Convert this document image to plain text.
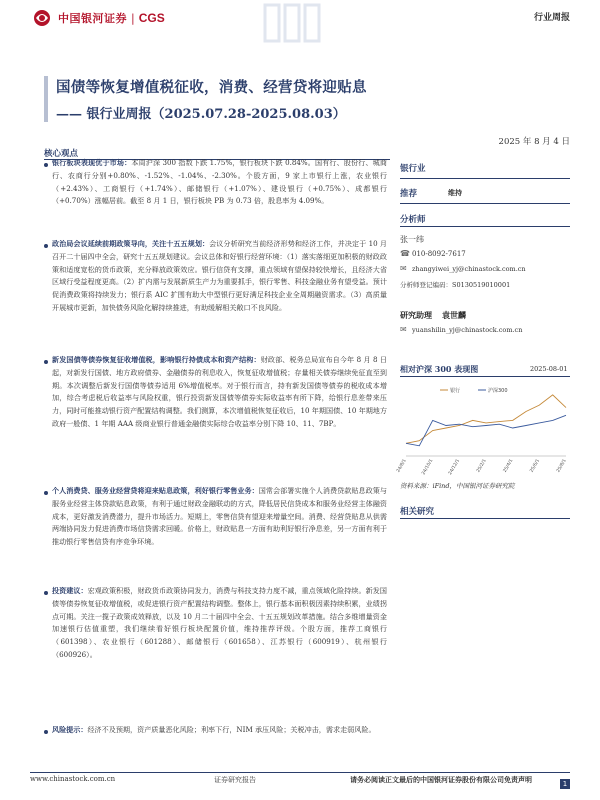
中国银河证券 | CGS	行业周报
国债等恢复增值税征收，消费、经营贷将迎贴息
—— 银行业周报（2025.07.28-2025.08.03）
2025 年 8 月 4 日
核心观点
银行板块表现优于市场：本周沪深 300 指数下跌 1.75%，银行板块下跌 0.84%。国有行、股份行、城商行、农商行分别+0.80%、-1.52%、-1.04%、-2.30%。个股方面，9 家上市银行上涨，农业银行（+2.43%）、工商银行（+1.74%）、邮储银行（+1.07%）、建设银行（+0.75%）、成都银行（+0.70%）涨幅居前。截至 8 月 1 日，银行板块 PB 为 0.73 倍，股息率为 4.09%。
政治局会议延续前期政策导向，关注十五五规划：会议分析研究当前经济形势和经济工作，并决定于 10 月召开二十届四中全会，研究十五五规划建议。会议总体和好银行经营环境：（1）落实落细更加积极的财政政策和适度宽松的货币政策，充分释放政策效应。银行信贷有支撑，重点领域有望保持较快增长，且经济大省区域行受益程度更高。（2）扩内需与发展新质生产力为重要抓手，银行零售、科技金融业务有望受益。预计促消费政策将持续发力；银行系 AIC 扩围有助大中型银行更好满足科技企业全周期融资需求。（3）高质量开展城市更新，加快债务风险化解持续推进，有助缓解相关敞口不良风险。
新发国债等债券恢复征收增值税，影响银行持债成本和资产结构：财政部、税务总局宣布自今年 8 月 8 日起，对新发行国债、地方政府债券、金融债券的利息收入，恢复征收增值税；存量相关债券继续免征直至到期。本次调整后新发行国债等债券适用 6%增值税率。对于银行而言，持有新发国债等债券的税收成本增加，综合考虑税后收益率与风险权重，银行投资新发国债等债券实际收益率有所下降，给银行息差带来压力，同时可能推动银行资产配置结构调整。我们测算，本次增值税恢复征收后，10 年期国债、10 年期地方政府一般债、1 年期 AAA 级商业银行普通金融债实际综合收益率分别下降 10、11、7BP。
个人消费贷、服务业经营贷将迎来贴息政策，利好银行零售业务：国常会部署实施个人消费贷款贴息政策与服务业经营主体贷款贴息政策，有利于通过财政金融联动的方式，降低居民信贷成本和服务业经营主体融资成本，更好激发消费潜力，提升市场活力。短期上，零售信贷有望迎来增量空间。消费、经营贷贴息从供需两端协同发力促进消费市场信贷需求回暖。价格上，财政贴息一方面有助利好银行净息差，另一方面有利于推动银行零售信贷有序竞争环境。
投资建议：宏观政策积极，财政货币政策协同发力，消费与科技支持力度不减，重点领域化险持续。新发国债等债券恢复征收增值税，或促进银行资产配置结构调整。整体上，银行基本面积极因素持续积累，业绩拐点可期。关注一揽子政策成效释放，以及 10 月二十届四中全会、十五五规划改革措施。结合多维增量资金加速银行估值重塑，我们继续看好银行板块配置价值，维持推荐评级。个股方面，推荐工商银行（601398）、农业银行（601288）、邮储银行（601658）、江苏银行（600919）、杭州银行（600926）。
风险提示：经济不及预期，资产质量恶化风险；利率下行，NIM 承压风险；关税冲击，需求走弱风险。
银行业
推荐	维持
分析师
张一纬
☎ 010-8092-7617
✉ zhangyiwei_yj@chinastock.com.cn
分析师登记编码：S0130519010001
研究助理 袁世麟
✉ yuanshilin_yj@chinastock.com.cn
相对沪深 300 表现图	2025-08-01
24/8/1	24/10/1	24/12/1	25/2/1	25/4/1	25/6/1	25/8/1
银行	沪深300
资料来源：iFind，中国银河证券研究院
相关研究
www.chinastock.com.cn	证券研究报告	请务必阅读正文最后的中国银河证券股份有限公司免责声明	1
